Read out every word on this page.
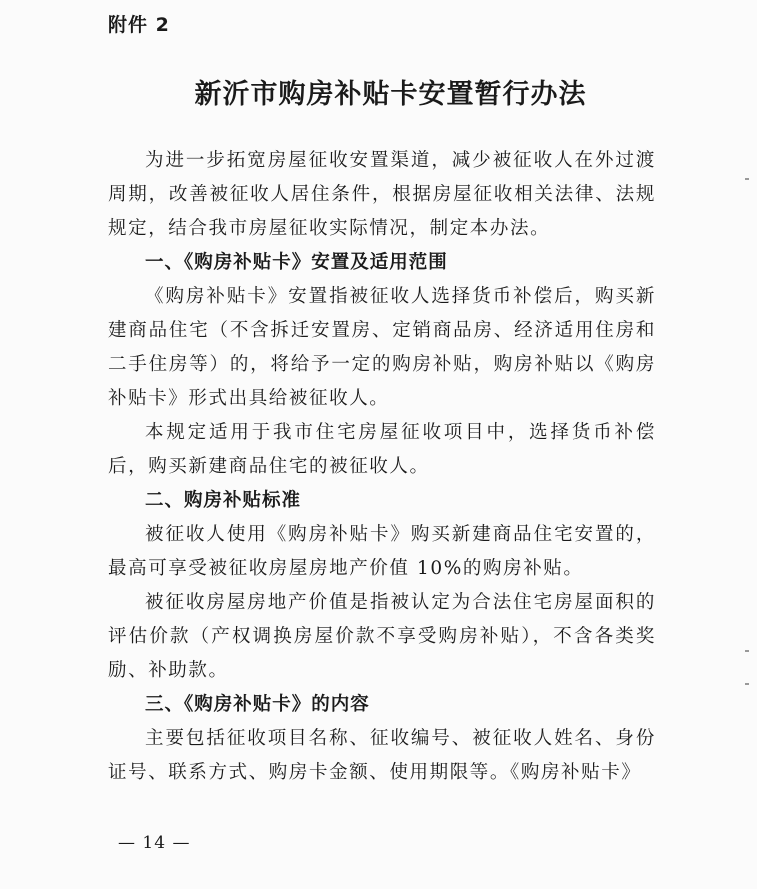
附件 2
新沂市购房补贴卡安置暂行办法

为进一步拓宽房屋征收安置渠道，减少被征收人在外过渡周期，改善被征收人居住条件，根据房屋征收相关法律、法规规定，结合我市房屋征收实际情况，制定本办法。

一、《购房补贴卡》安置及适用范围

《购房补贴卡》安置指被征收人选择货币补偿后，购买新建商品住宅（不含拆迁安置房、定销商品房、经济适用住房和二手住房等）的，将给予一定的购房补贴，购房补贴以《购房补贴卡》形式出具给被征收人。

本规定适用于我市住宅房屋征收项目中，选择货币补偿后，购买新建商品住宅的被征收人。

二、购房补贴标准

被征收人使用《购房补贴卡》购买新建商品住宅安置的，最高可享受被征收房屋房地产价值 10%的购房补贴。

被征收房屋房地产价值是指被认定为合法住宅房屋面积的评估价款（产权调换房屋价款不享受购房补贴），不含各类奖励、补助款。

三、《购房补贴卡》的内容

主要包括征收项目名称、征收编号、被征收人姓名、身份证号、联系方式、购房卡金额、使用期限等。《购房补贴卡》

— 14 —
